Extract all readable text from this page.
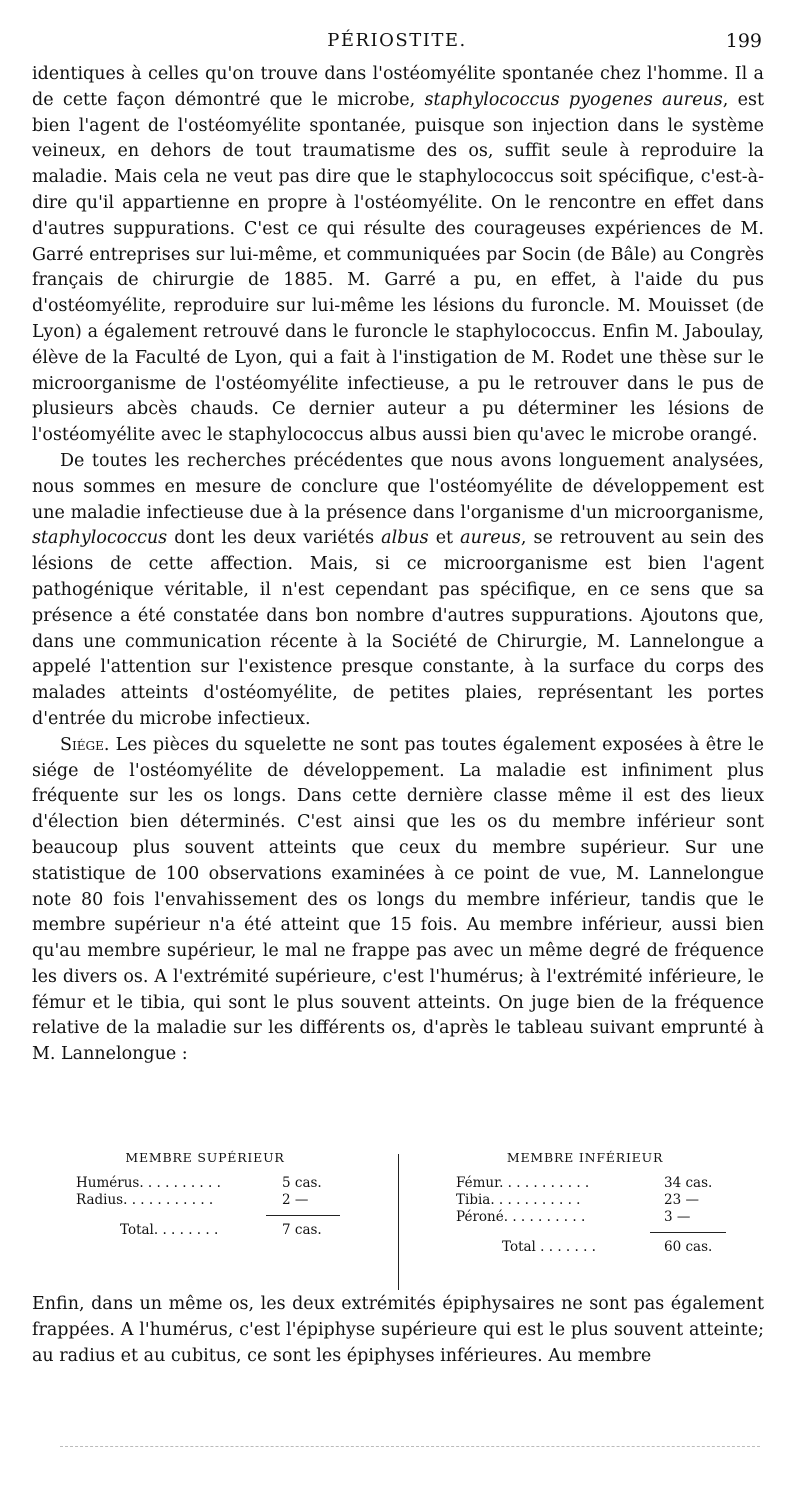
PÉRIOSTITE.	199

identiques à celles qu'on trouve dans l'ostéomyélite spontanée chez l'homme. Il a de cette façon démontré que le microbe, staphylococcus pyogenes aureus, est bien l'agent de l'ostéomyélite spontanée, puisque son injection dans le système veineux, en dehors de tout traumatisme des os, suffit seule à reproduire la maladie. Mais cela ne veut pas dire que le staphylococcus soit spécifique, c'est-à-dire qu'il appartienne en propre à l'ostéomyélite. On le rencontre en effet dans d'autres suppurations. C'est ce qui résulte des courageuses expériences de M. Garré entreprises sur lui-même, et communiquées par Socin (de Bâle) au Congrès français de chirurgie de 1885. M. Garré a pu, en effet, à l'aide du pus d'ostéomyélite, reproduire sur lui-même les lésions du furoncle. M. Mouisset (de Lyon) a également retrouvé dans le furoncle le staphylococcus. Enfin M. Jaboulay, élève de la Faculté de Lyon, qui a fait à l'instigation de M. Rodet une thèse sur le microorganisme de l'ostéomyélite infectieuse, a pu le retrouver dans le pus de plusieurs abcès chauds. Ce dernier auteur a pu déterminer les lésions de l'ostéomyélite avec le staphylococcus albus aussi bien qu'avec le microbe orangé.

De toutes les recherches précédentes que nous avons longuement analysées, nous sommes en mesure de conclure que l'ostéomyélite de développement est une maladie infectieuse due à la présence dans l'organisme d'un microorganisme, staphylococcus dont les deux variétés albus et aureus, se retrouvent au sein des lésions de cette affection. Mais, si ce microorganisme est bien l'agent pathogénique véritable, il n'est cependant pas spécifique, en ce sens que sa présence a été constatée dans bon nombre d'autres suppurations. Ajoutons que, dans une communication récente à la Société de Chirurgie, M. Lannelongue a appelé l'attention sur l'existence presque constante, à la surface du corps des malades atteints d'ostéomyélite, de petites plaies, représentant les portes d'entrée du microbe infectieux.

Siége. Les pièces du squelette ne sont pas toutes également exposées à être le siége de l'ostéomyélite de développement. La maladie est infiniment plus fréquente sur les os longs. Dans cette dernière classe même il est des lieux d'élection bien déterminés. C'est ainsi que les os du membre inférieur sont beaucoup plus souvent atteints que ceux du membre supérieur. Sur une statistique de 100 observations examinées à ce point de vue, M. Lannelongue note 80 fois l'envahissement des os longs du membre inférieur, tandis que le membre supérieur n'a été atteint que 15 fois. Au membre inférieur, aussi bien qu'au membre supérieur, le mal ne frappe pas avec un même degré de fréquence les divers os. A l'extrémité supérieure, c'est l'humérus; à l'extrémité inférieure, le fémur et le tibia, qui sont le plus souvent atteints. On juge bien de la fréquence relative de la maladie sur les différents os, d'après le tableau suivant emprunté à M. Lannelongue :

MEMBRE SUPÉRIEUR
Humérus. . . . . . . . . .	5 cas.
Radius. . . . . . . . . . .	2 —
Total. . . . . . . .	7 cas.
MEMBRE INFÉRIEUR
Fémur. . . . . . . . . . .	34 cas.
Tibia. . . . . . . . . . .	23 —
Péroné. . . . . . . . . .	3 —
Total . . . . . . .	60 cas.

Enfin, dans un même os, les deux extrémités épiphysaires ne sont pas également frappées. A l'humérus, c'est l'épiphyse supérieure qui est le plus souvent atteinte; au radius et au cubitus, ce sont les épiphyses inférieures. Au membre
